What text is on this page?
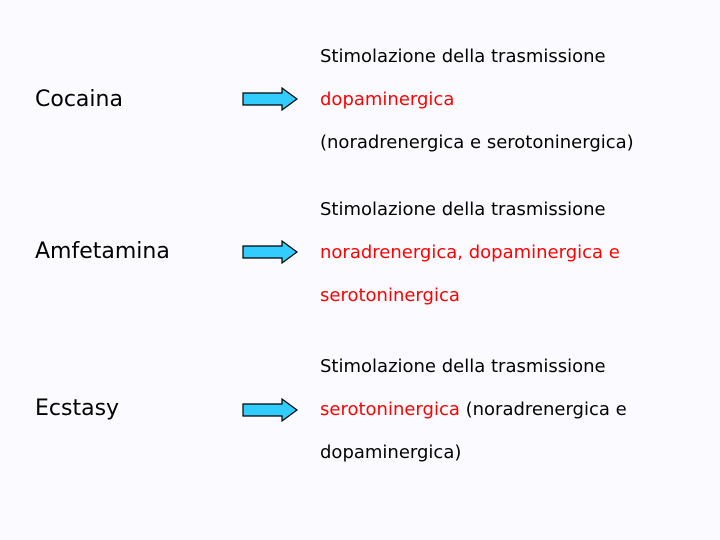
Cocaina
Stimolazione della trasmissione
dopaminergica
(noradrenergica e serotoninergica)
Amfetamina
Stimolazione della trasmissione
noradrenergica, dopaminergica e
serotoninergica
Ecstasy
Stimolazione della trasmissione
serotoninergica (noradrenergica e
dopaminergica)
